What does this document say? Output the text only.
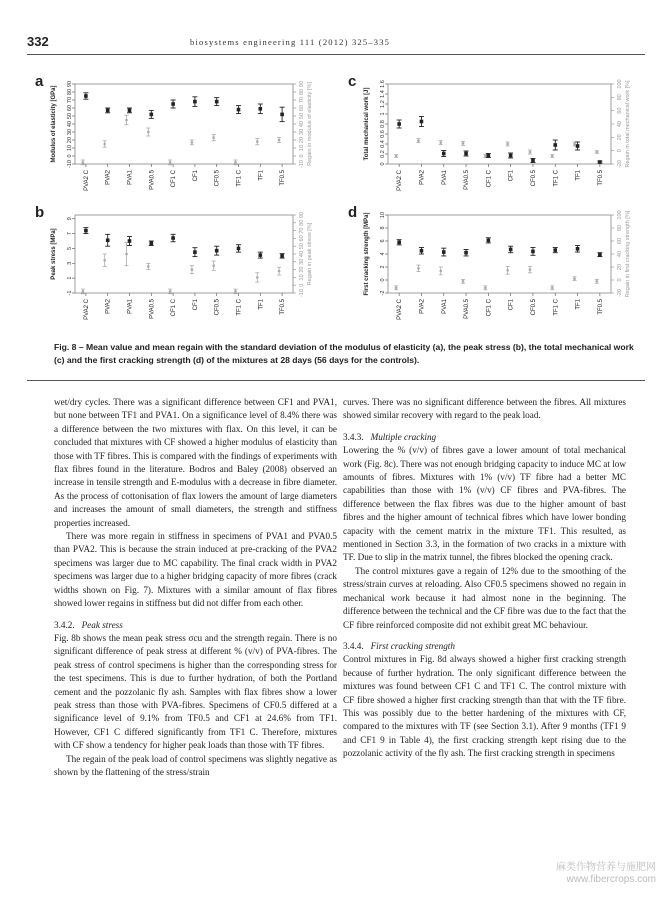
332	biosystems engineering 111 (2012) 325–335
a
-10
0
10
20
30
40
50
60
70
80
90
-10
0
10
20
30
40
50
60
70
80
90
Modulus of elasticity [GPa]	Regain in modulus of elasticity [%]
PVA2 C	PVA2	PVA1	PVA0.5	CF1 C	CF1	CF0.5	TF1 C	TF1	TF0.5
b
-1
1
3
5
7
9
-10
0
10
20
30
40
50
60
70
80
90
Peak stress [MPa]	Regain in peak stress [%]
PVA2 C	PVA2	PVA1	PVA0.5	CF1 C	CF1	CF0.5	TF1 C	TF1	TF0.5
c
0
0.2
0.4
0.6
0.8
1
1.2
1.4
1.6
-20
0
20
40
60
80
100
Total mechanical work [J]	Regain in total mechanical work [%]
PVA2 C	PVA2	PVA1	PVA0.5	CF1 C	CF1	CF0.5	TF1 C	TF1	TF0.5
d
-2
0
2
4
6
8
10
-20
0
20
40
60
80
100
First cracking strength [MPa]	Regain in first cracking strength [%]
PVA2 C	PVA2	PVA1	PVA0.5	CF1 C	CF1	CF0.5	TF1 C	TF1	TF0.5
Fig. 8 – Mean value and mean regain with the standard deviation of the modulus of elasticity (a), the peak stress (b), the total mechanical work (c) and the first cracking strength (d) of the mixtures at 28 days (56 days for the controls).

wet/dry cycles. There was a significant difference between CF1 and PVA1, but none between TF1 and PVA1. On a significance level of 8.4% there was a difference between the two mixtures with flax. On this level, it can be concluded that mixtures with CF showed a higher modulus of elasticity than those with TF fibres. This is compared with the findings of experiments with flax fibres found in the literature. Bodros and Baley (2008) observed an increase in tensile strength and E-modulus with a decrease in fibre diameter. As the process of cottonisation of flax lowers the amount of large diameters and increases the amount of small diameters, the strength and stiffness properties increased.

There was more regain in stiffness in specimens of PVA1 and PVA0.5 than PVA2. This is because the strain induced at pre-cracking of the PVA2 specimens was larger due to MC capability. The final crack width in PVA2 specimens was larger due to a higher bridging capacity of more fibres (crack widths shown on Fig. 7). Mixtures with a similar amount of flax fibres showed lower regains in stiffness but did not differ from each other.

3.4.2. Peak stress

Fig. 8b shows the mean peak stress σcu and the strength regain. There is no significant difference of peak stress at different % (v/v) of PVA-fibres. The peak stress of control specimens is higher than the corresponding stress for the test specimens. This is due to further hydration, of both the Portland cement and the pozzolanic fly ash. Samples with flax fibres show a lower peak stress than those with PVA-fibres. Specimens of CF0.5 differed at a significance level of 9.1% from TF0.5 and CF1 at 24.6% from TF1. However, CF1 C differed significantly from TF1 C. Therefore, mixtures with CF show a tendency for higher peak loads than those with TF fibres.

The regain of the peak load of control specimens was slightly negative as shown by the flattening of the stress/strain

curves. There was no significant difference between the fibres. All mixtures showed similar recovery with regard to the peak load.

3.4.3. Multiple cracking

Lowering the % (v/v) of fibres gave a lower amount of total mechanical work (Fig. 8c). There was not enough bridging capacity to induce MC at low amounts of fibres. Mixtures with 1% (v/v) TF fibre had a better MC capabilities than those with 1% (v/v) CF fibres and PVA-fibres. The difference between the flax fibres was due to the higher amount of bast fibres and the higher amount of technical fibres which have lower bonding capacity with the cement matrix in the mixture TF1. This resulted, as mentioned in Section 3.3, in the formation of two cracks in a mixture with TF. Due to slip in the matrix tunnel, the fibres blocked the opening crack.

The control mixtures gave a regain of 12% due to the smoothing of the stress/strain curves at reloading. Also CF0.5 specimens showed no regain in mechanical work because it had almost none in the beginning. The difference between the technical and the CF fibre was due to the fact that the CF fibre reinforced composite did not exhibit great MC behaviour.

3.4.4. First cracking strength

Control mixtures in Fig. 8d always showed a higher first cracking strength because of further hydration. The only significant difference between the mixtures was found between CF1 C and TF1 C. The control mixture with CF fibre showed a higher first cracking strength than that with the TF fibre. This was possibly due to the better hardening of the mixtures with CF, compared to the mixtures with TF (see Section 3.1). After 9 months (TF1 9 and CF1 9 in Table 4), the first cracking strength kept rising due to the pozzolanic activity of the fly ash. The first cracking strength in specimens

麻类作物营养与施肥网
www.fibercrops.com
